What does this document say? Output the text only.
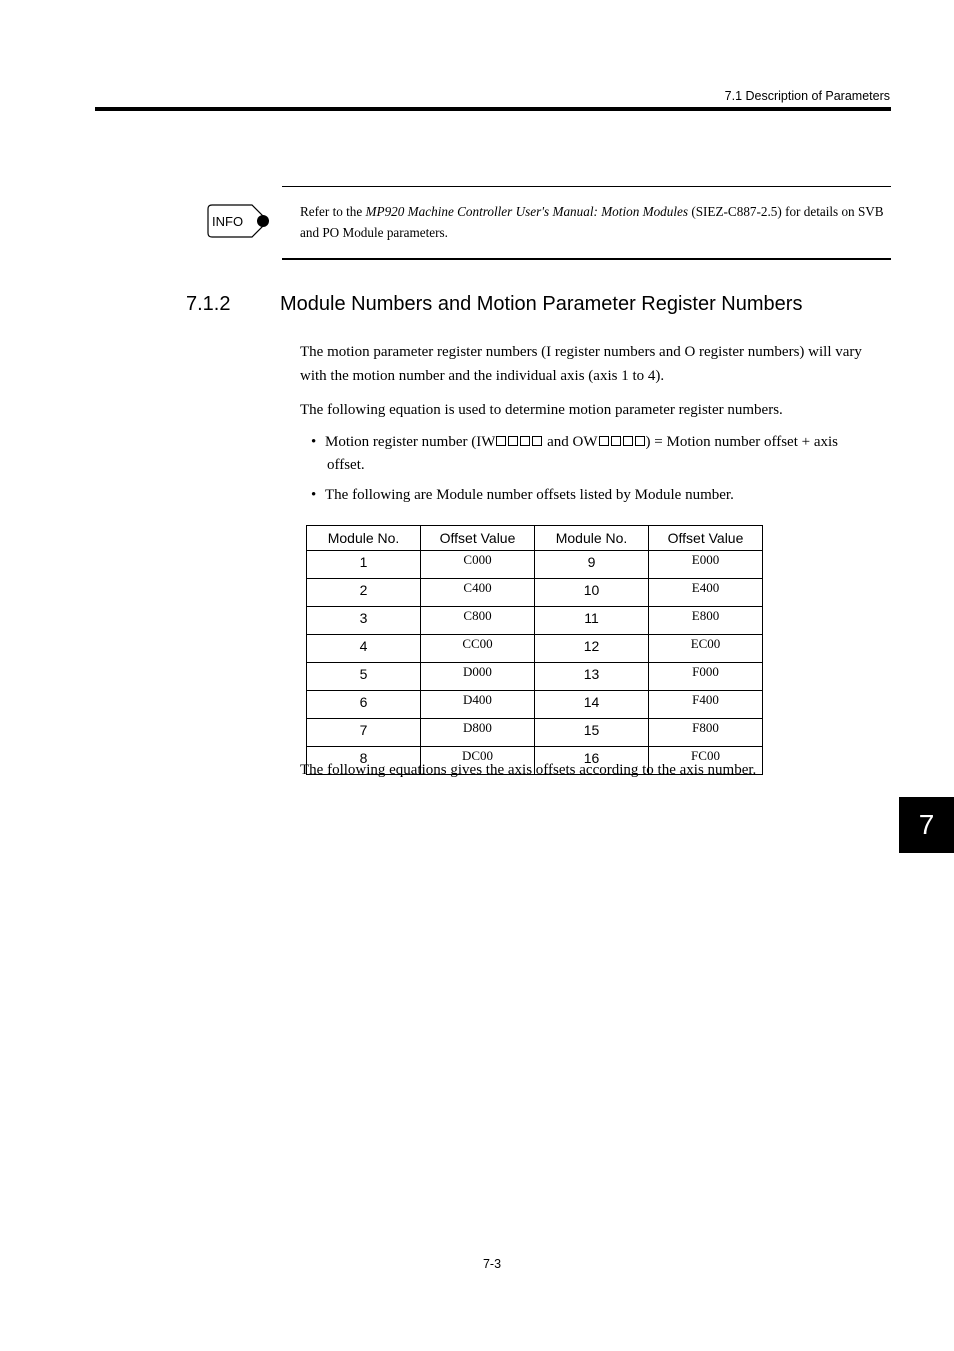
7.1 Description of Parameters
INFO
Refer to the MP920 Machine Controller User's Manual: Motion Modules (SIEZ-C887-2.5) for details on SVB and PO Module parameters.
7.1.2 Module Numbers and Motion Parameter Register Numbers
The motion parameter register numbers (I register numbers and O register numbers) will vary with the motion number and the individual axis (axis 1 to 4).
The following equation is used to determine motion parameter register numbers.
• Motion register number (IW	and OW	) = Motion number offset + axis
offset.
• The following are Module number offsets listed by Module number.
Module No.	Offset Value	Module No.	Offset Value
1	C000	9	E000
2	C400	10	E400
3	C800	11	E800
4	CC00	12	EC00
5	D000	13	F000
6	D400	14	F400
7	D800	15	F800
8	DC00	16	FC00
The following equations gives the axis offsets according to the axis number.
7
7-3
